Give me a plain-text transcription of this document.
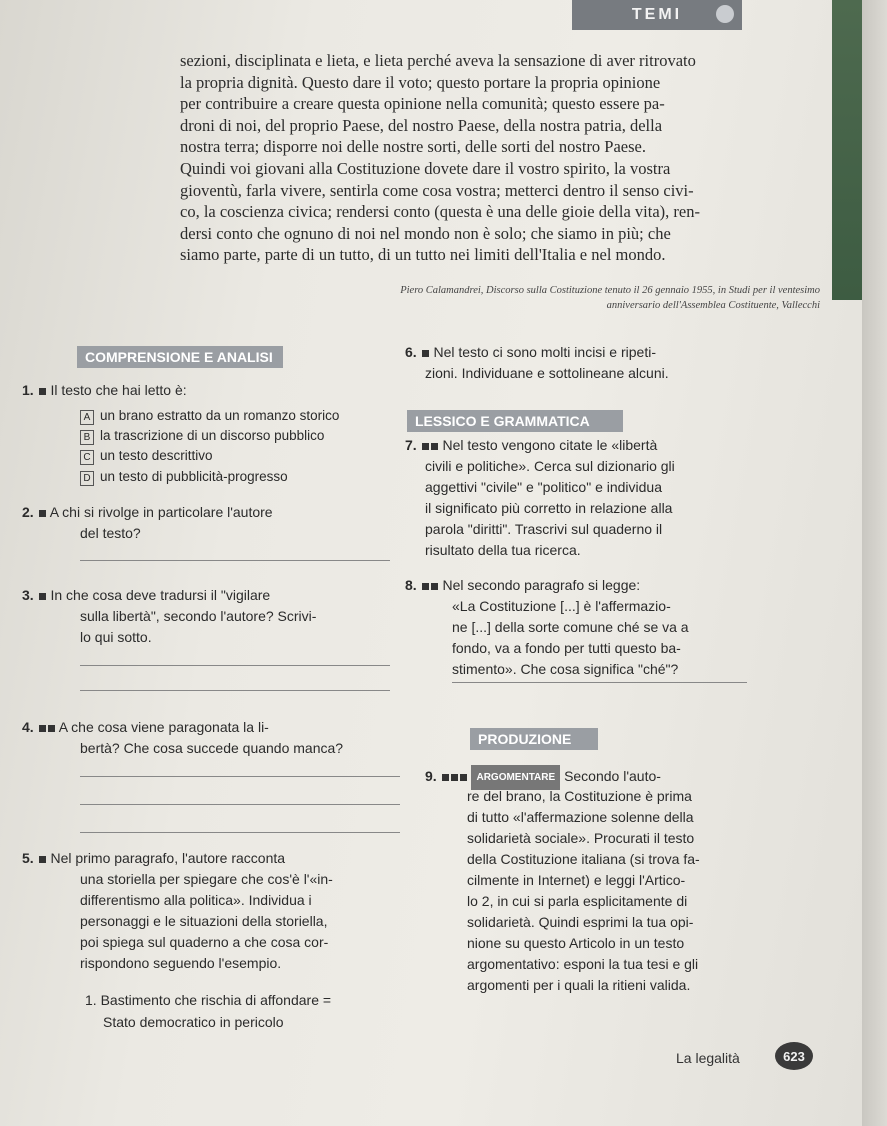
TEMI

sezioni, disciplinata e lieta, e lieta perché aveva la sensazione di aver ritrovato

la propria dignità. Questo dare il voto; questo portare la propria opinione

per contribuire a creare questa opinione nella comunità; questo essere pa-

droni di noi, del proprio Paese, del nostro Paese, della nostra patria, della

nostra terra; disporre noi delle nostre sorti, delle sorti del nostro Paese.

Quindi voi giovani alla Costituzione dovete dare il vostro spirito, la vostra

gioventù, farla vivere, sentirla come cosa vostra; metterci dentro il senso civi-

co, la coscienza civica; rendersi conto (questa è una delle gioie della vita), ren-

dersi conto che ognuno di noi nel mondo non è solo; che siamo in più; che

siamo parte, parte di un tutto, di un tutto nei limiti dell'Italia e nel mondo.

Piero Calamandrei, Discorso sulla Costituzione tenuto il 26 gennaio 1955, in Studi per il ventesimo
anniversario dell'Assemblea Costituente, Vallecchi
COMPRENSIONE E ANALISI
1. Il testo che hai letto è:
A un brano estratto da un romanzo storico
B la trascrizione di un discorso pubblico
C un testo descrittivo
D un testo di pubblicità-progresso
2. A chi si rivolge in particolare l'autore
del testo?
3. In che cosa deve tradursi il "vigilare
sulla libertà", secondo l'autore? Scrivi-
lo qui sotto.
4. A che cosa viene paragonata la li-
bertà? Che cosa succede quando manca?
5. Nel primo paragrafo, l'autore racconta
una storiella per spiegare che cos'è l'«in-
differentismo alla politica». Individua i
personaggi e le situazioni della storiella,
poi spiega sul quaderno a che cosa cor-
rispondono seguendo l'esempio.
1. Bastimento che rischia di affondare =
Stato democratico in pericolo
6. Nel testo ci sono molti incisi e ripeti-
zioni. Individuane e sottolineane alcuni.
LESSICO E GRAMMATICA
7. Nel testo vengono citate le «libertà
civili e politiche». Cerca sul dizionario gli
aggettivi "civile" e "politico" e individua
il significato più corretto in relazione alla
parola "diritti". Trascrivi sul quaderno il
risultato della tua ricerca.
8. Nel secondo paragrafo si legge:
«La Costituzione [...] è l'affermazio-
ne [...] della sorte comune ché se va a
fondo, va a fondo per tutti questo ba-
stimento». Che cosa significa "ché"?
PRODUZIONE
9.	ARGOMENTARE Secondo l'auto-
re del brano, la Costituzione è prima
di tutto «l'affermazione solenne della
solidarietà sociale». Procurati il testo
della Costituzione italiana (si trova fa-
cilmente in Internet) e leggi l'Artico-
lo 2, in cui si parla esplicitamente di
solidarietà. Quindi esprimi la tua opi-
nione su questo Articolo in un testo
argomentativo: esponi la tua tesi e gli
argomenti per i quali la ritieni valida.
La legalità	623
